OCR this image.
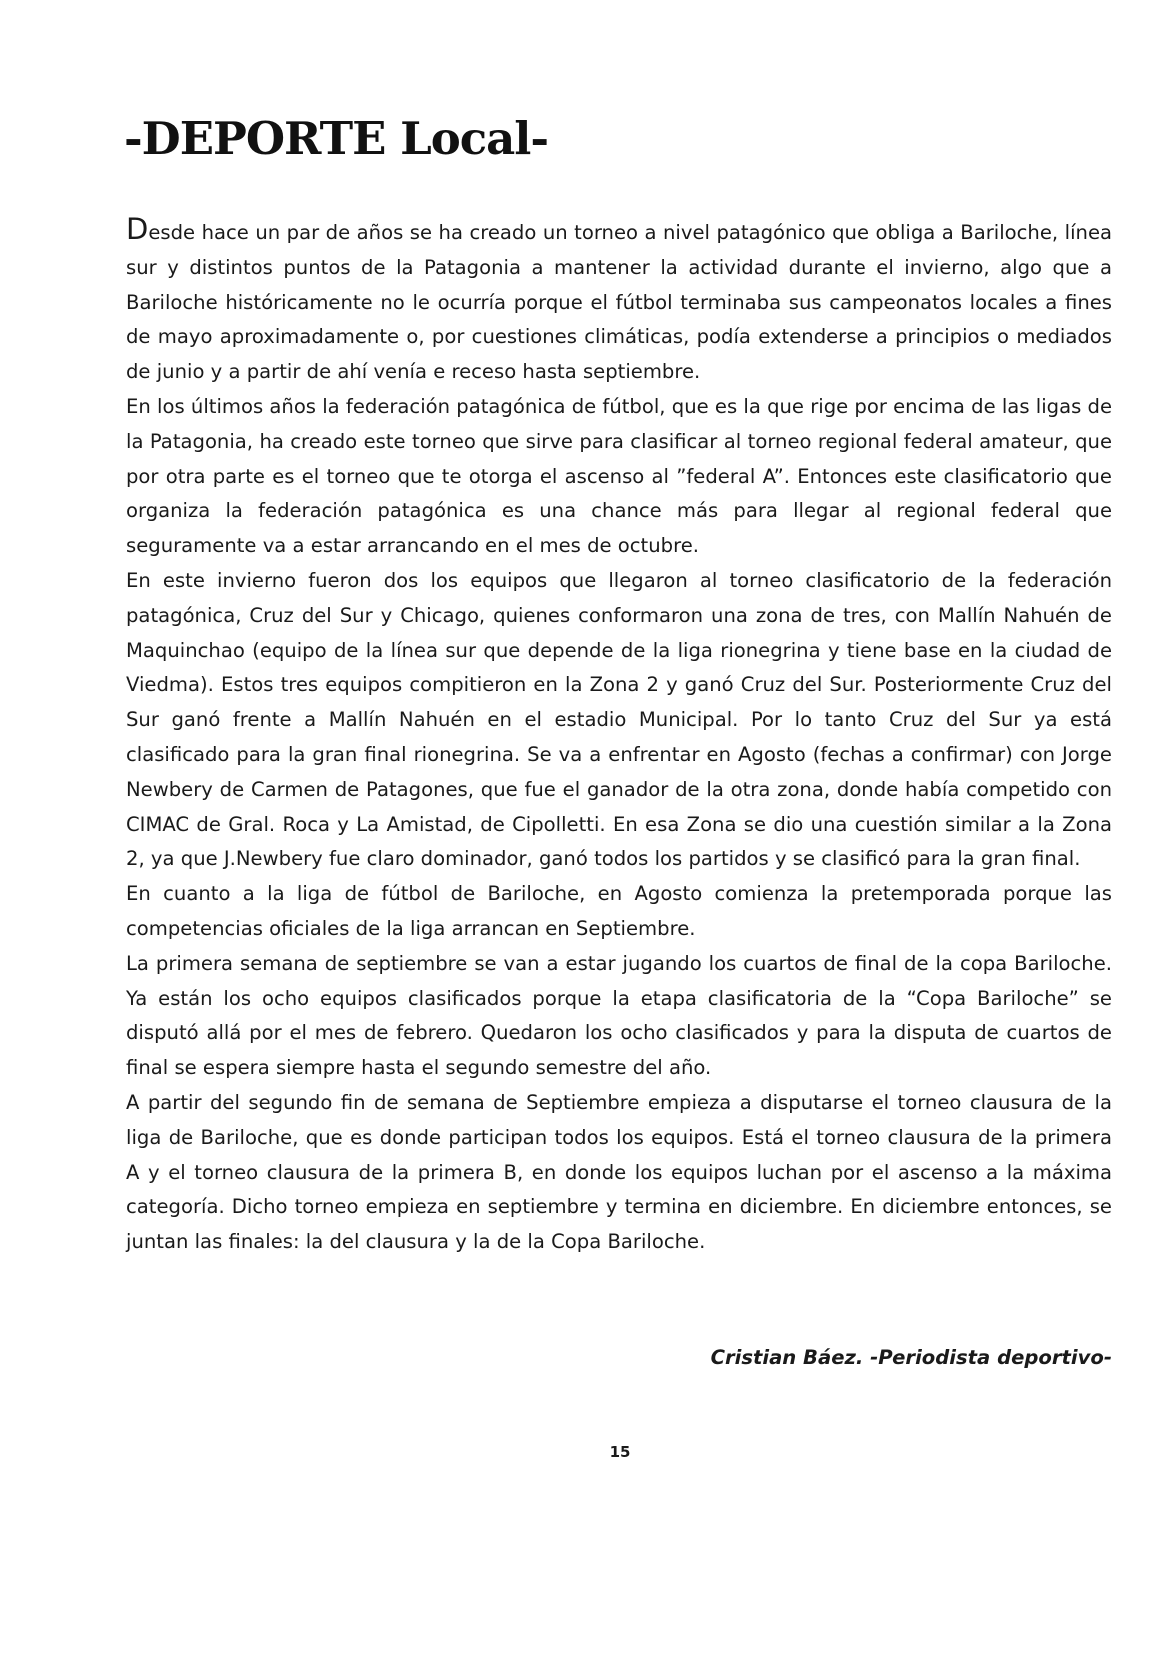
-DEPORTE Local-

Desde hace un par de años se ha creado un torneo a nivel patagónico que obliga a Bariloche, línea sur y distintos puntos de la Patagonia a mantener la actividad durante el invierno, algo que a Bariloche históricamente no le ocurría porque el fútbol terminaba sus campeonatos locales a fines de mayo aproximadamente o, por cuestiones climáticas, podía extenderse a principios o mediados de junio y a partir de ahí venía e receso hasta septiembre.

En los últimos años la federación patagónica de fútbol, que es la que rige por encima de las ligas de la Patagonia, ha creado este torneo que sirve para clasificar al torneo regional federal amateur, que por otra parte es el torneo que te otorga el ascenso al ”federal A”. Entonces este clasificatorio que organiza la federación patagónica es una chance más para llegar al regional federal que seguramente va a estar arrancando en el mes de octubre.

En este invierno fueron dos los equipos que llegaron al torneo clasificatorio de la federación patagónica, Cruz del Sur y Chicago, quienes conformaron una zona de tres, con Mallín Nahuén de Maquinchao (equipo de la línea sur que depende de la liga rionegrina y tiene base en la ciudad de Viedma). Estos tres equipos compitieron en la Zona 2 y ganó Cruz del Sur. Posteriormente Cruz del Sur ganó frente a Mallín Nahuén en el estadio Municipal. Por lo tanto Cruz del Sur ya está clasificado para la gran final rionegrina. Se va a enfrentar en Agosto (fechas a confirmar) con Jorge Newbery de Carmen de Patagones, que fue el ganador de la otra zona, donde había competido con CIMAC de Gral. Roca y La Amistad, de Cipolletti. En esa Zona se dio una cuestión similar a la Zona 2, ya que J.Newbery fue claro dominador, ganó todos los partidos y se clasificó para la gran final.

En cuanto a la liga de fútbol de Bariloche, en Agosto comienza la pretemporada porque las competencias oficiales de la liga arrancan en Septiembre.

La primera semana de septiembre se van a estar jugando los cuartos de final de la copa Bariloche. Ya están los ocho equipos clasificados porque la etapa clasificatoria de la “Copa Bariloche” se disputó allá por el mes de febrero. Quedaron los ocho clasificados y para la disputa de cuartos de final se espera siempre hasta el segundo semestre del año.

A partir del segundo fin de semana de Septiembre empieza a disputarse el torneo clausura de la liga de Bariloche, que es donde participan todos los equipos. Está el torneo clausura de la primera A y el torneo clausura de la primera B, en donde los equipos luchan por el ascenso a la máxima categoría. Dicho torneo empieza en septiembre y termina en diciembre. En diciembre entonces, se juntan las finales: la del clausura y la de la Copa Bariloche.

Cristian Báez. -Periodista deportivo-

15
